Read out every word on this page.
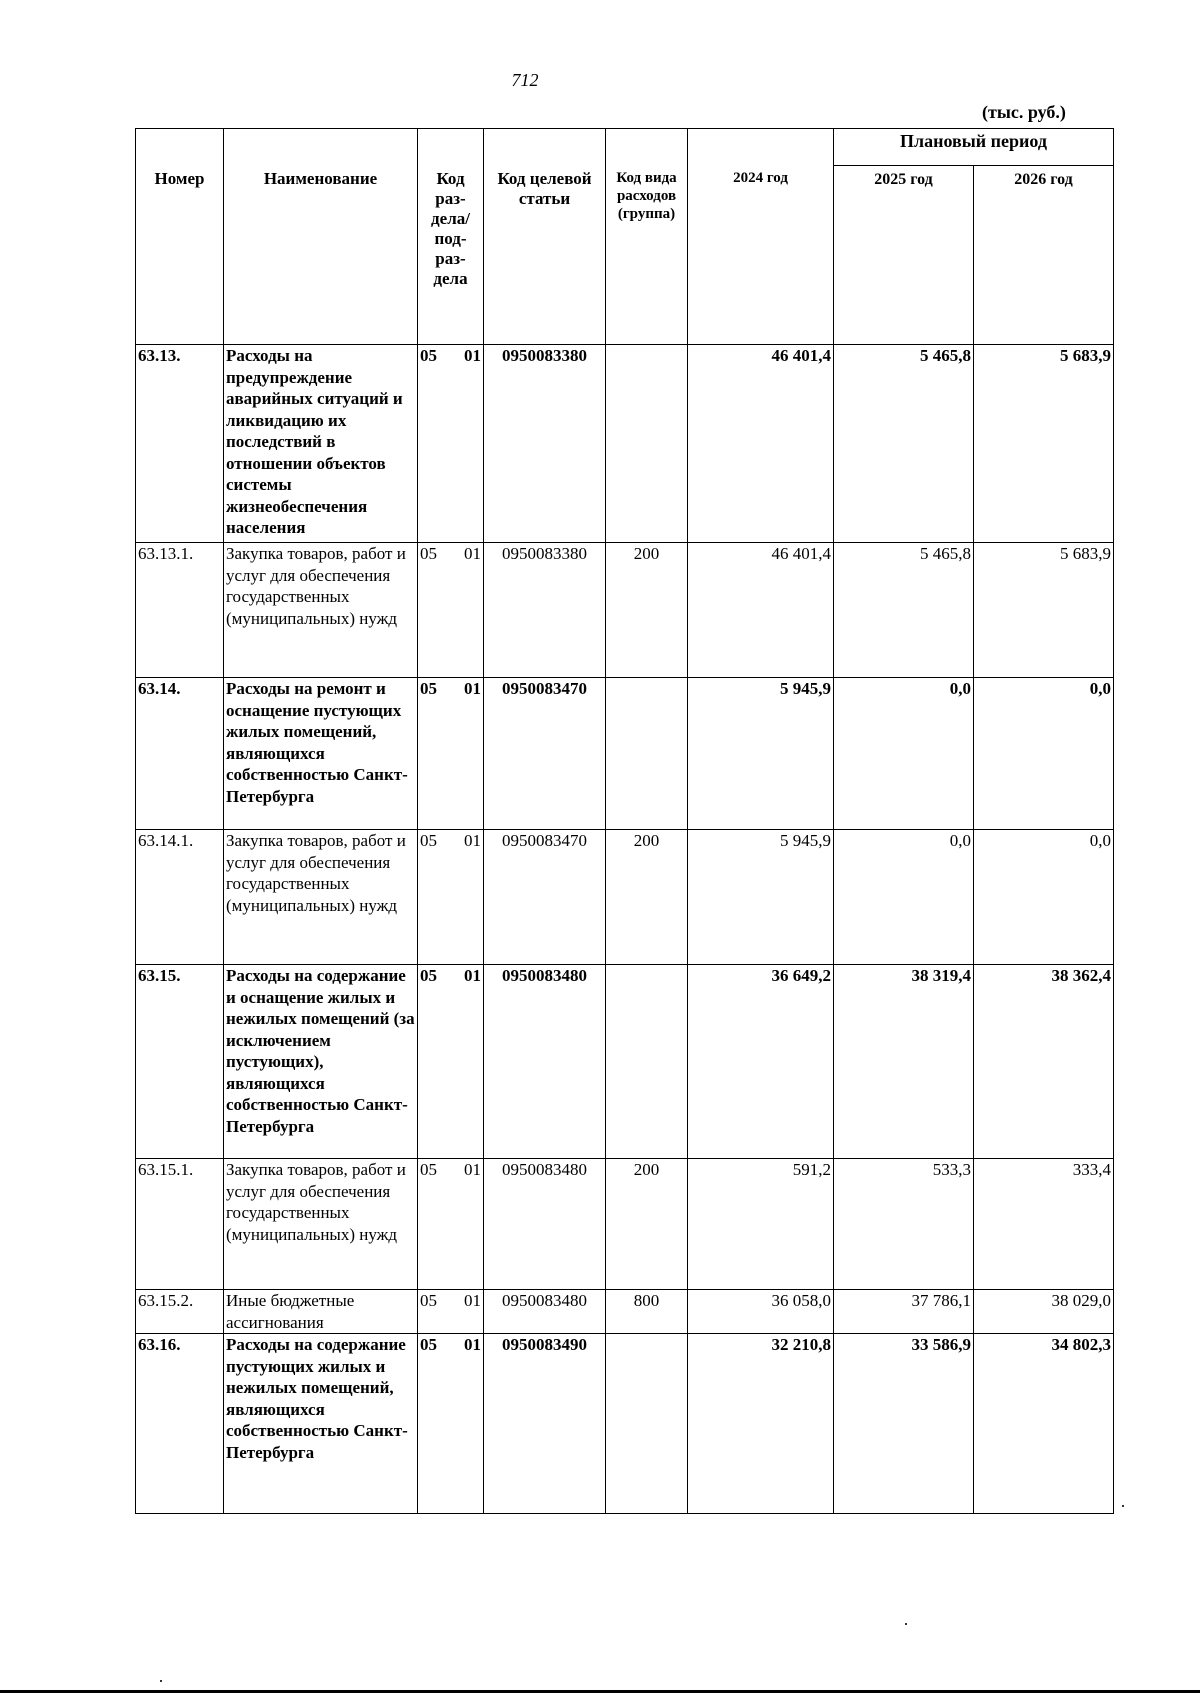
712
(тыс. руб.)
Номер	Наименование	Код раз- дела/ под- раз- дела	Код целевой статьи	Код вида расходов (группа)	2024 год	Плановый период	
						2025 год	2026 год
63.13.	Расходы на предупреждение аварийных ситуаций и ликвидацию их последствий в отношении объектов системы жизнеобеспечения населения	05 01	0950083380		46 401,4	5 465,8	5 683,9
63.13.1.	Закупка товаров, работ и услуг для обеспечения государственных (муниципальных) нужд	05 01	0950083380	200	46 401,4	5 465,8	5 683,9
63.14.	Расходы на ремонт и оснащение пустующих жилых помещений, являющихся собственностью Санкт-Петербурга	05 01	0950083470		5 945,9	0,0	0,0
63.14.1.	Закупка товаров, работ и услуг для обеспечения государственных (муниципальных) нужд	05 01	0950083470	200	5 945,9	0,0	0,0
63.15.	Расходы на содержание и оснащение жилых и нежилых помещений (за исключением пустующих), являющихся собственностью Санкт-Петербурга	05 01	0950083480		36 649,2	38 319,4	38 362,4
63.15.1.	Закупка товаров, работ и услуг для обеспечения государственных (муниципальных) нужд	05 01	0950083480	200	591,2	533,3	333,4
63.15.2.	Иные бюджетные ассигнования	05 01	0950083480	800	36 058,0	37 786,1	38 029,0
63.16.	Расходы на содержание пустующих жилых и нежилых помещений, являющихся собственностью Санкт-Петербурга	05 01	0950083490		32 210,8	33 586,9	34 802,3
